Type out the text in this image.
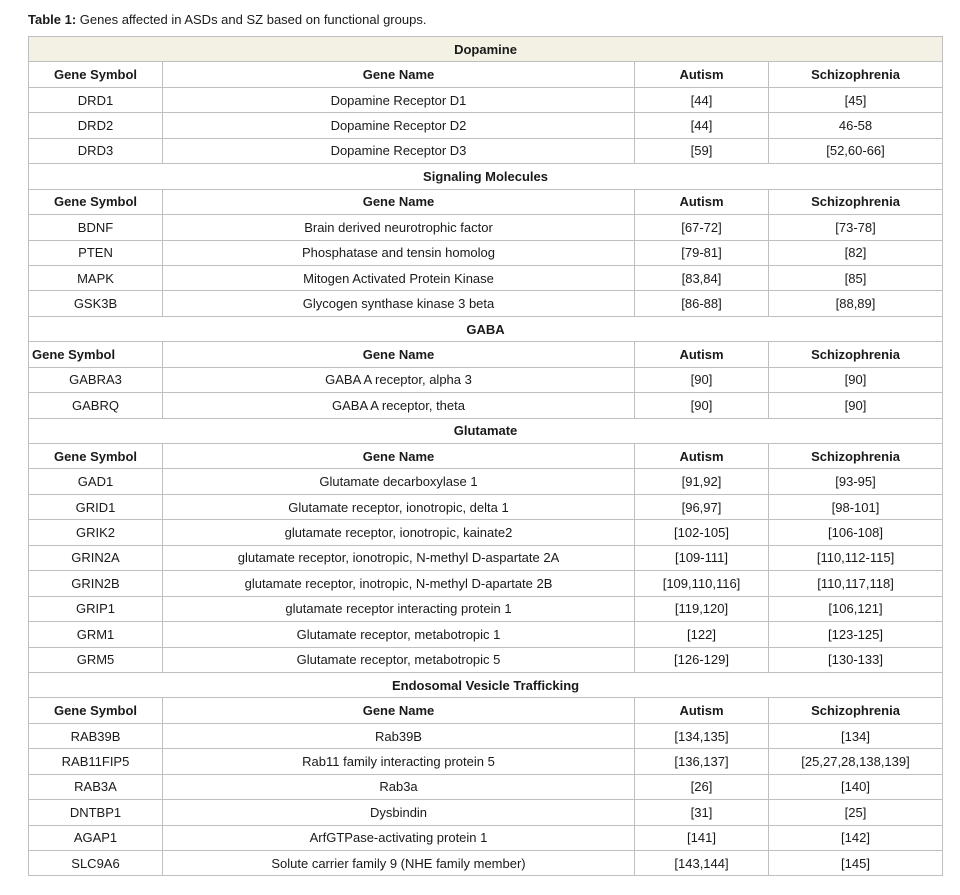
Table 1: Genes affected in ASDs and SZ based on functional groups.
Dopamine			
Gene Symbol	Gene Name	Autism	Schizophrenia
DRD1	Dopamine Receptor D1	[44]	[45]
DRD2	Dopamine Receptor D2	[44]	46-58
DRD3	Dopamine Receptor D3	[59]	[52,60-66]
Signaling Molecules			
Gene Symbol	Gene Name	Autism	Schizophrenia
BDNF	Brain derived neurotrophic factor	[67-72]	[73-78]
PTEN	Phosphatase and tensin homolog	[79-81]	[82]
MAPK	Mitogen Activated Protein Kinase	[83,84]	[85]
GSK3B	Glycogen synthase kinase 3 beta	[86-88]	[88,89]
GABA			
Gene Symbol	Gene Name	Autism	Schizophrenia
GABRA3	GABA A receptor, alpha 3	[90]	[90]
GABRQ	GABA A receptor, theta	[90]	[90]
Glutamate			
Gene Symbol	Gene Name	Autism	Schizophrenia
GAD1	Glutamate decarboxylase 1	[91,92]	[93-95]
GRID1	Glutamate receptor, ionotropic, delta 1	[96,97]	[98-101]
GRIK2	glutamate receptor, ionotropic, kainate2	[102-105]	[106-108]
GRIN2A	glutamate receptor, ionotropic, N-methyl D-aspartate 2A	[109-111]	[110,112-115]
GRIN2B	glutamate receptor, inotropic, N-methyl D-apartate 2B	[109,110,116]	[110,117,118]
GRIP1	glutamate receptor interacting protein 1	[119,120]	[106,121]
GRM1	Glutamate receptor, metabotropic 1	[122]	[123-125]
GRM5	Glutamate receptor, metabotropic 5	[126-129]	[130-133]
Endosomal Vesicle Trafficking			
Gene Symbol	Gene Name	Autism	Schizophrenia
RAB39B	Rab39B	[134,135]	[134]
RAB11FIP5	Rab11 family interacting protein 5	[136,137]	[25,27,28,138,139]
RAB3A	Rab3a	[26]	[140]
DNTBP1	Dysbindin	[31]	[25]
AGAP1	ArfGTPase-activating protein 1	[141]	[142]
SLC9A6	Solute carrier family 9 (NHE family member)	[143,144]	[145]
